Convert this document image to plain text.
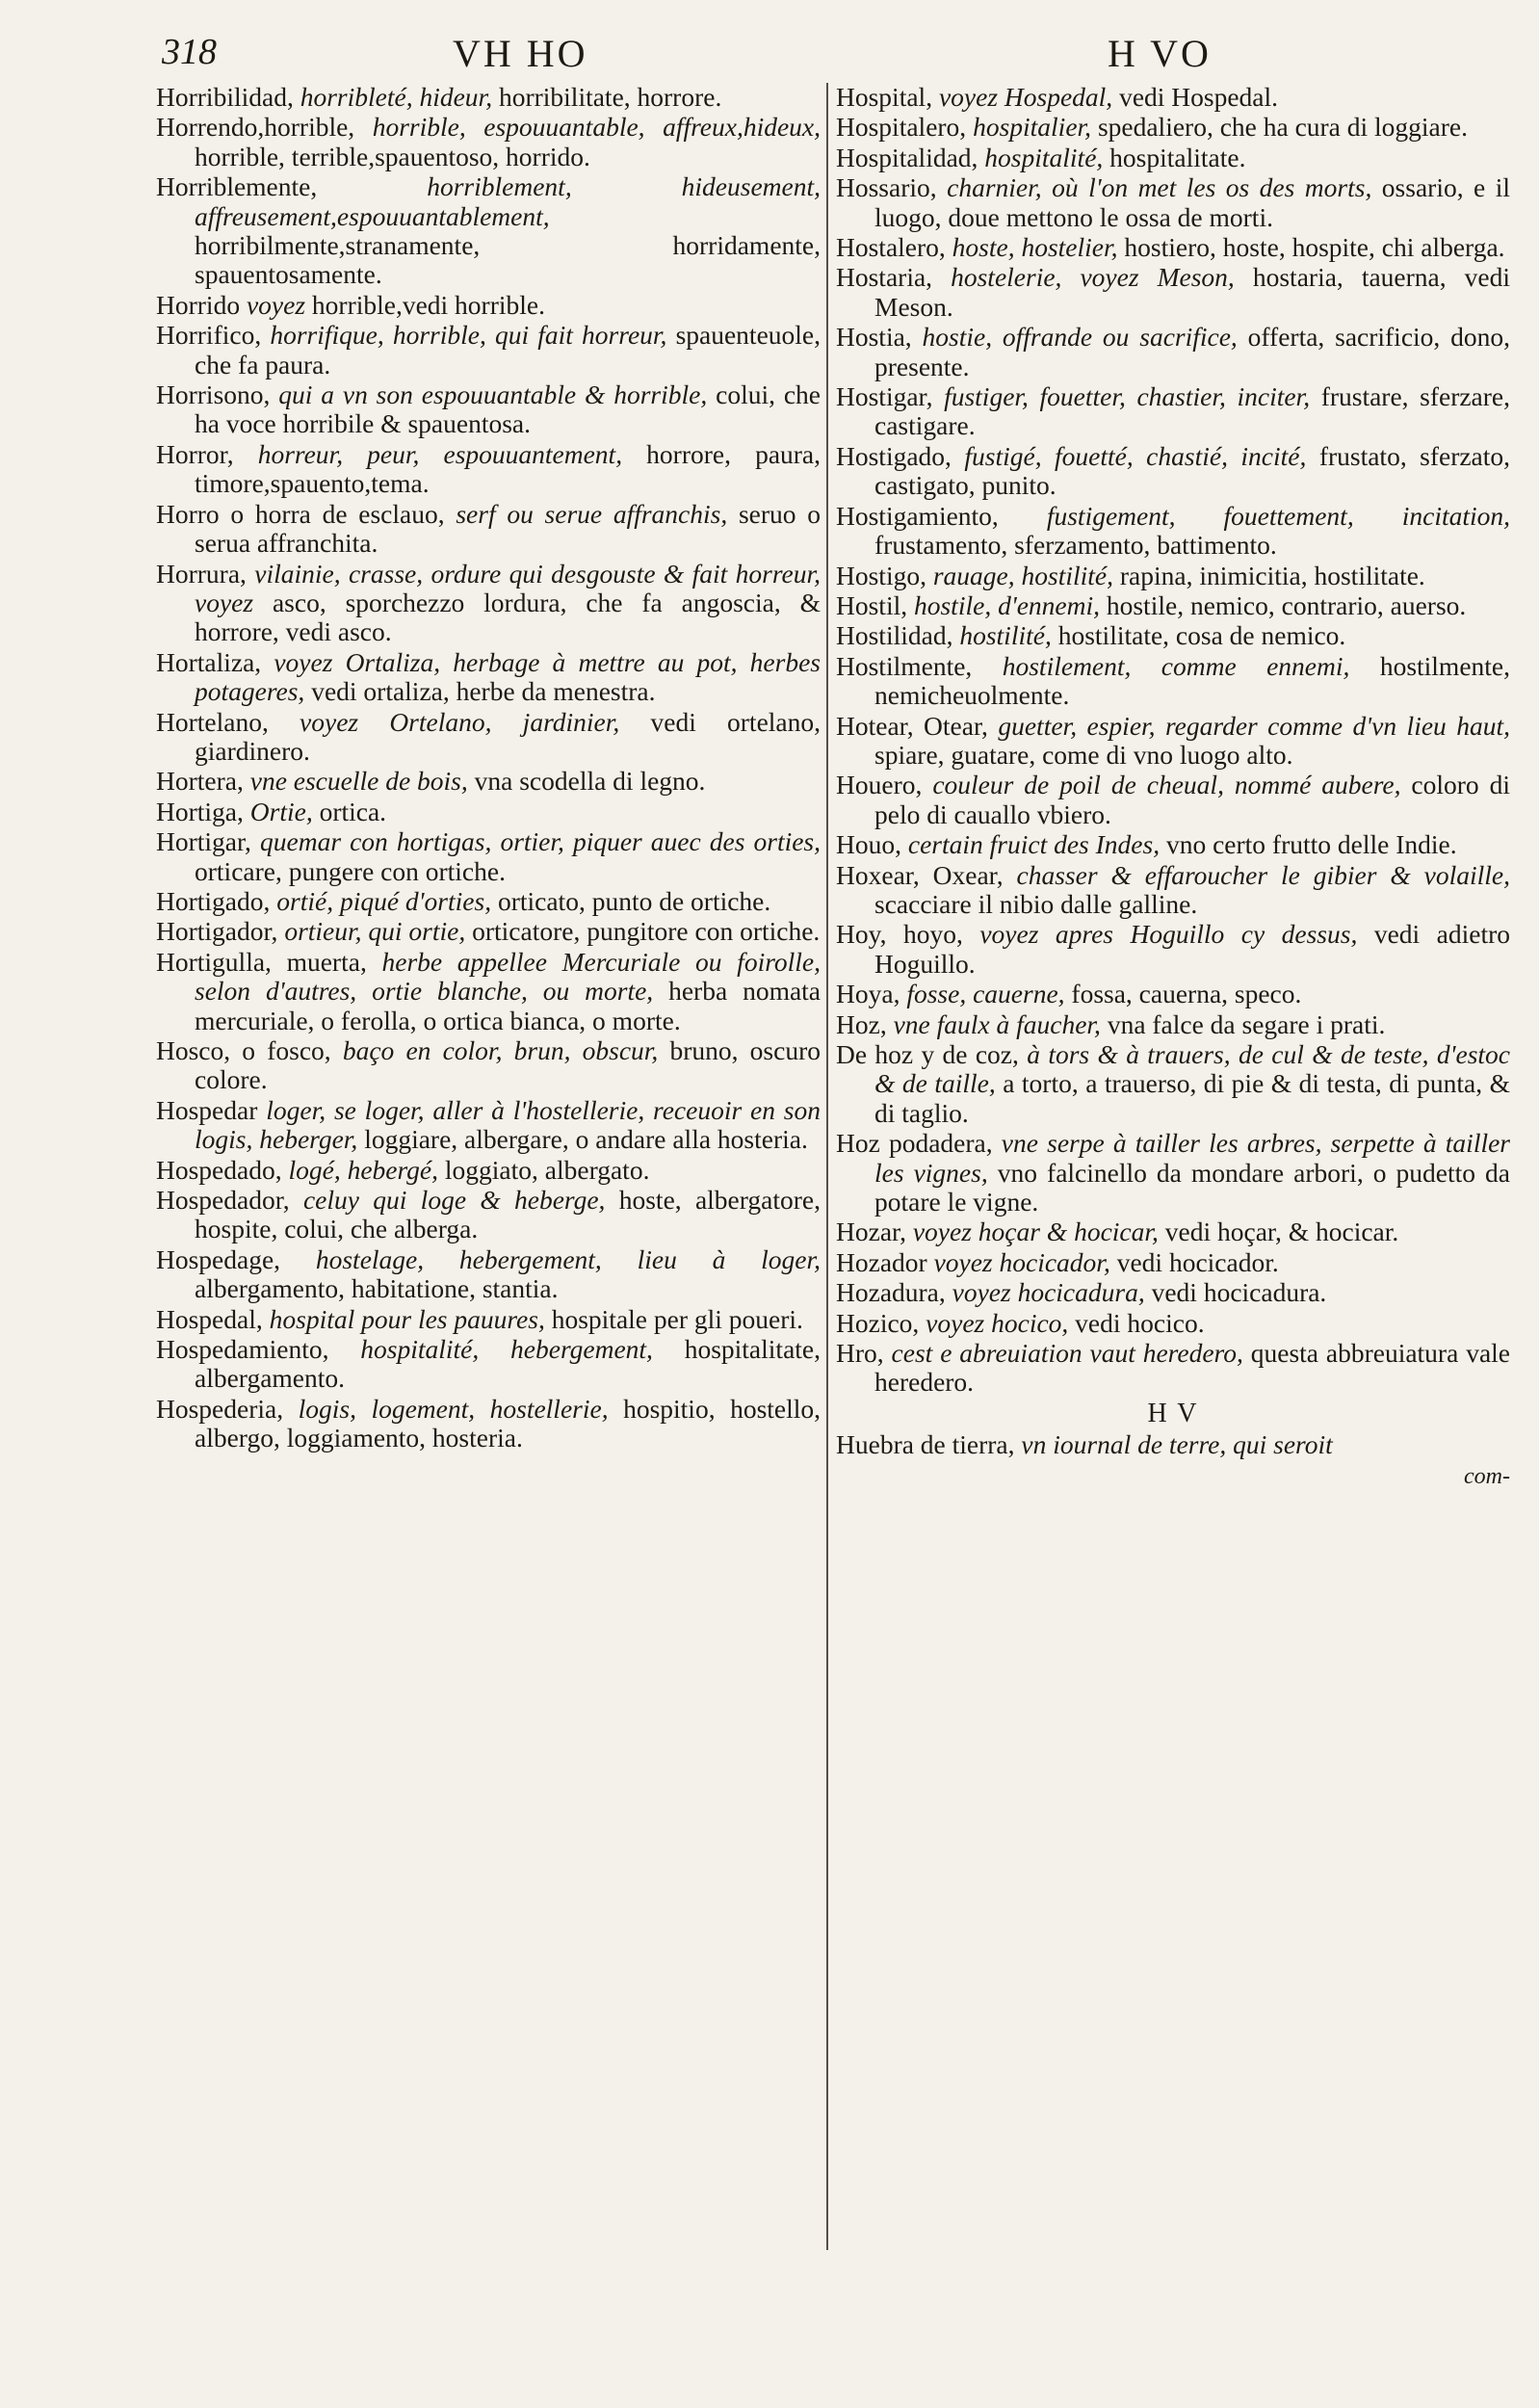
318	VH HO	H VO
Horribilidad, horribleté, hideur, horribilitate, horrore.
Horrendo,horrible, horrible, espouuantable, affreux,hideux, horrible, terrible,spauentoso, horrido.
Horriblemente,	horriblement, hideusement, affreusement,espouuantablement, horribilmente,stranamente, horridamente, spauentosamente.
Horrido voyez horrible,vedi horrible.
Horrifico, horrifique, horrible, qui fait horreur, spauenteuole, che fa paura.
Horrisono, qui a vn son espouuantable & horrible, colui, che ha voce horribile & spauentosa.
Horror, horreur, peur, espouuantement, horrore, paura, timore,spauento,tema.
Horro o horra de esclauo, serf ou serue affranchis, seruo o serua affranchita.
Horrura, vilainie, crasse, ordure qui desgouste & fait horreur, voyez asco, sporchezzo lordura, che fa angoscia, & horrore, vedi asco.
Hortaliza, voyez Ortaliza, herbage à mettre au pot, herbes potageres, vedi ortaliza, herbe da menestra.
Hortelano, voyez Ortelano, jardinier, vedi ortelano, giardinero.
Hortera, vne escuelle de bois, vna scodella di legno.
Hortiga, Ortie, ortica.
Hortigar, quemar con hortigas, ortier, piquer auec des orties, orticare, pungere con ortiche.
Hortigado, ortié, piqué d'orties, orticato, punto de ortiche.
Hortigador, ortieur, qui ortie, orticatore, pungitore con ortiche.
Hortigulla, muerta, herbe appellee Mercuriale ou foirolle, selon d'autres, ortie blanche, ou morte, herba nomata mercuriale, o ferolla, o ortica bianca, o morte.
Hosco, o fosco, baço en color, brun, obscur, bruno, oscuro colore.
Hospedar loger, se loger, aller à l'hostellerie, receuoir en son logis, heberger, loggiare, albergare, o andare alla hosteria.
Hospedado, logé, hebergé, loggiato, albergato.
Hospedador, celuy qui loge & heberge, hoste, albergatore, hospite, colui, che alberga.
Hospedage, hostelage, hebergement, lieu à loger, albergamento, habitatione, stantia.
Hospedal, hospital pour les pauures, hospitale per gli poueri.
Hospedamiento, hospitalité, hebergement, hospitalitate, albergamento.
Hospederia, logis, logement, hostellerie, hospitio, hostello, albergo, loggiamento, hosteria.
Hospital, voyez Hospedal, vedi Hospedal.
Hospitalero, hospitalier, spedaliero, che ha cura di loggiare.
Hospitalidad, hospitalité, hospitalitate.
Hossario, charnier, où l'on met les os des morts, ossario, e il luogo, doue mettono le ossa de morti.
Hostalero, hoste, hostelier, hostiero, hoste, hospite, chi alberga.
Hostaria, hostelerie, voyez Meson, hostaria, tauerna, vedi Meson.
Hostia, hostie, offrande ou sacrifice, offerta, sacrificio, dono, presente.
Hostigar, fustiger, fouetter, chastier, inciter, frustare, sferzare, castigare.
Hostigado, fustigé, fouetté, chastié, incité, frustato, sferzato, castigato, punito.
Hostigamiento, fustigement, fouettement, incitation, frustamento, sferzamento, battimento.
Hostigo, rauage, hostilité, rapina, inimicitia, hostilitate.
Hostil, hostile, d'ennemi, hostile, nemico, contrario, auerso.
Hostilidad, hostilité, hostilitate, cosa de nemico.
Hostilmente, hostilement, comme ennemi, hostilmente, nemicheuolmente.
Hotear, Otear, guetter, espier, regarder comme d'vn lieu haut, spiare, guatare, come di vno luogo alto.
Houero, couleur de poil de cheual, nommé aubere, coloro di pelo di cauallo vbiero.
Houo, certain fruict des Indes, vno certo frutto delle Indie.
Hoxear, Oxear, chasser & effaroucher le gibier & volaille, scacciare il nibio dalle galline.
Hoy, hoyo, voyez apres Hoguillo cy dessus, vedi adietro Hoguillo.
Hoya, fosse, cauerne, fossa, cauerna, speco.
Hoz, vne faulx à faucher, vna falce da segare i prati.
De hoz y de coz, à tors & à trauers, de cul & de teste, d'estoc & de taille, a torto, a trauerso, di pie & di testa, di punta, & di taglio.
Hoz podadera, vne serpe à tailler les arbres, serpette à tailler les vignes, vno falcinello da mondare arbori, o pudetto da potare le vigne.
Hozar, voyez hoçar & hocicar, vedi hoçar, & hocicar.
Hozador voyez hocicador, vedi hocicador.
Hozadura, voyez hocicadura, vedi hocicadura.
Hozico, voyez hocico, vedi hocico.
Hro, cest e abreuiation vaut heredero, questa abbreuiatura vale heredero.
H V
Huebra de tierra, vn iournal de terre, qui seroit
com-
